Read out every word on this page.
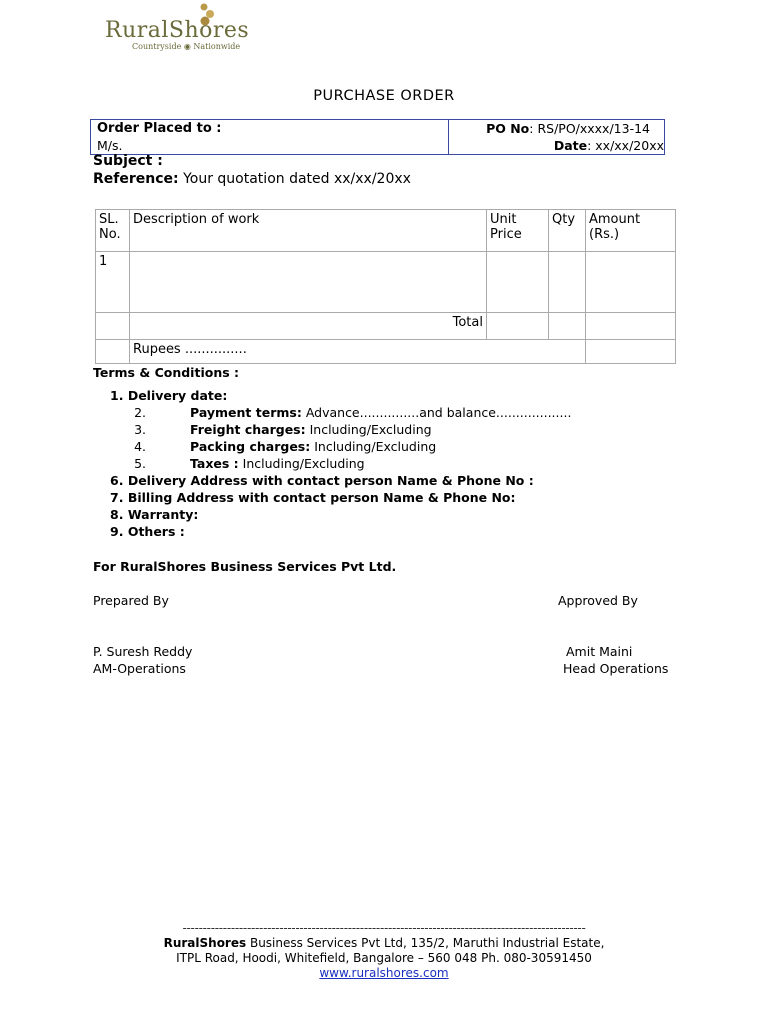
RuralShores
Countryside ◉ Nationwide
PURCHASE ORDER
Order Placed to :
M/s.
PO No: RS/PO/xxxx/13-14
Date: xx/xx/20xx
Subject :
Reference: Your quotation dated xx/xx/20xx
SL. No.	Description of work	Unit Price	Qty	Amount (Rs.)
1				
	Total			
	Rupees ...............			
Terms & Conditions :
1. Delivery date:
2.	Payment terms: Advance...............and balance...................
3.	Freight charges: Including/Excluding
4.	Packing charges: Including/Excluding
5.	Taxes : Including/Excluding
6. Delivery Address with contact person Name & Phone No :
7. Billing Address with contact person Name & Phone No:
8. Warranty:
9. Others :
For RuralShores Business Services Pvt Ltd.
Prepared By	Approved By
P. Suresh Reddy
AM-Operations
Amit Maini
Head Operations
----------------------------------------------------------------------------------------------------
RuralShores Business Services Pvt Ltd, 135/2, Maruthi Industrial Estate,
ITPL Road, Hoodi, Whitefield, Bangalore – 560 048 Ph. 080-30591450
www.ruralshores.com
